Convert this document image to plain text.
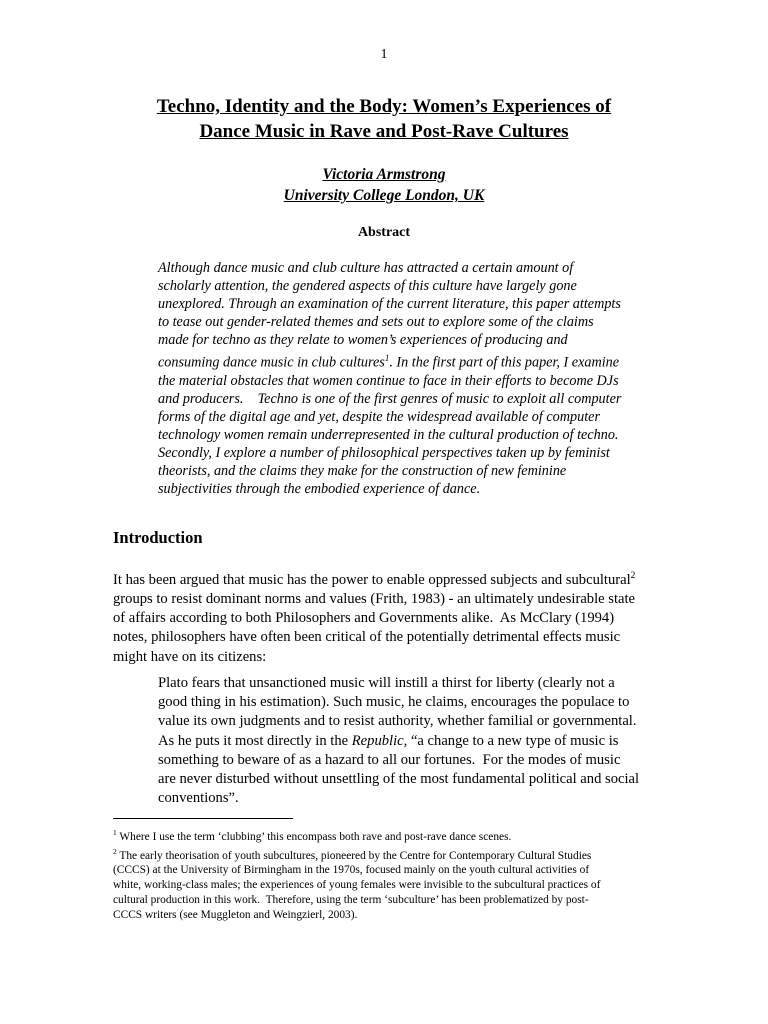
1
Techno, Identity and the Body: Women’s Experiences of
Dance Music in Rave and Post-Rave Cultures
Victoria Armstrong
University College London, UK
Abstract
Although dance music and club culture has attracted a certain amount of
scholarly attention, the gendered aspects of this culture have largely gone
unexplored. Through an examination of the current literature, this paper attempts
to tease out gender-related themes and sets out to explore some of the claims
made for techno as they relate to women’s experiences of producing and
consuming dance music in club cultures$^1$. In the first part of this paper, I examine
the material obstacles that women continue to face in their efforts to become DJs
and producers.    Techno is one of the first genres of music to exploit all computer
forms of the digital age and yet, despite the widespread available of computer
technology women remain underrepresented in the cultural production of techno.
Secondly, I explore a number of philosophical perspectives taken up by feminist
theorists, and the claims they make for the construction of new feminine
subjectivities through the embodied experience of dance.
Introduction
It has been argued that music has the power to enable oppressed subjects and subcultural$^2$
groups to resist dominant norms and values (Frith, 1983) - an ultimately undesirable state
of affairs according to both Philosophers and Governments alike.  As McClary (1994)
notes, philosophers have often been critical of the potentially detrimental effects music
might have on its citizens:
Plato fears that unsanctioned music will instill a thirst for liberty (clearly not a
good thing in his estimation). Such music, he claims, encourages the populace to
value its own judgments and to resist authority, whether familial or governmental.
As he puts it most directly in the Republic, “a change to a new type of music is
something to beware of as a hazard to all our fortunes.  For the modes of music
are never disturbed without unsettling of the most fundamental political and social
conventions”.
$^1$ Where I use the term ‘clubbing’ this encompass both rave and post-rave dance scenes.
$^2$ The early theorisation of youth subcultures, pioneered by the Centre for Contemporary Cultural Studies
(CCCS) at the University of Birmingham in the 1970s, focused mainly on the youth cultural activities of
white, working-class males; the experiences of young females were invisible to the subcultural practices of
cultural production in this work.  Therefore, using the term ‘subculture’ has been problematized by post-
CCCS writers (see Muggleton and Weingzierl, 2003).
